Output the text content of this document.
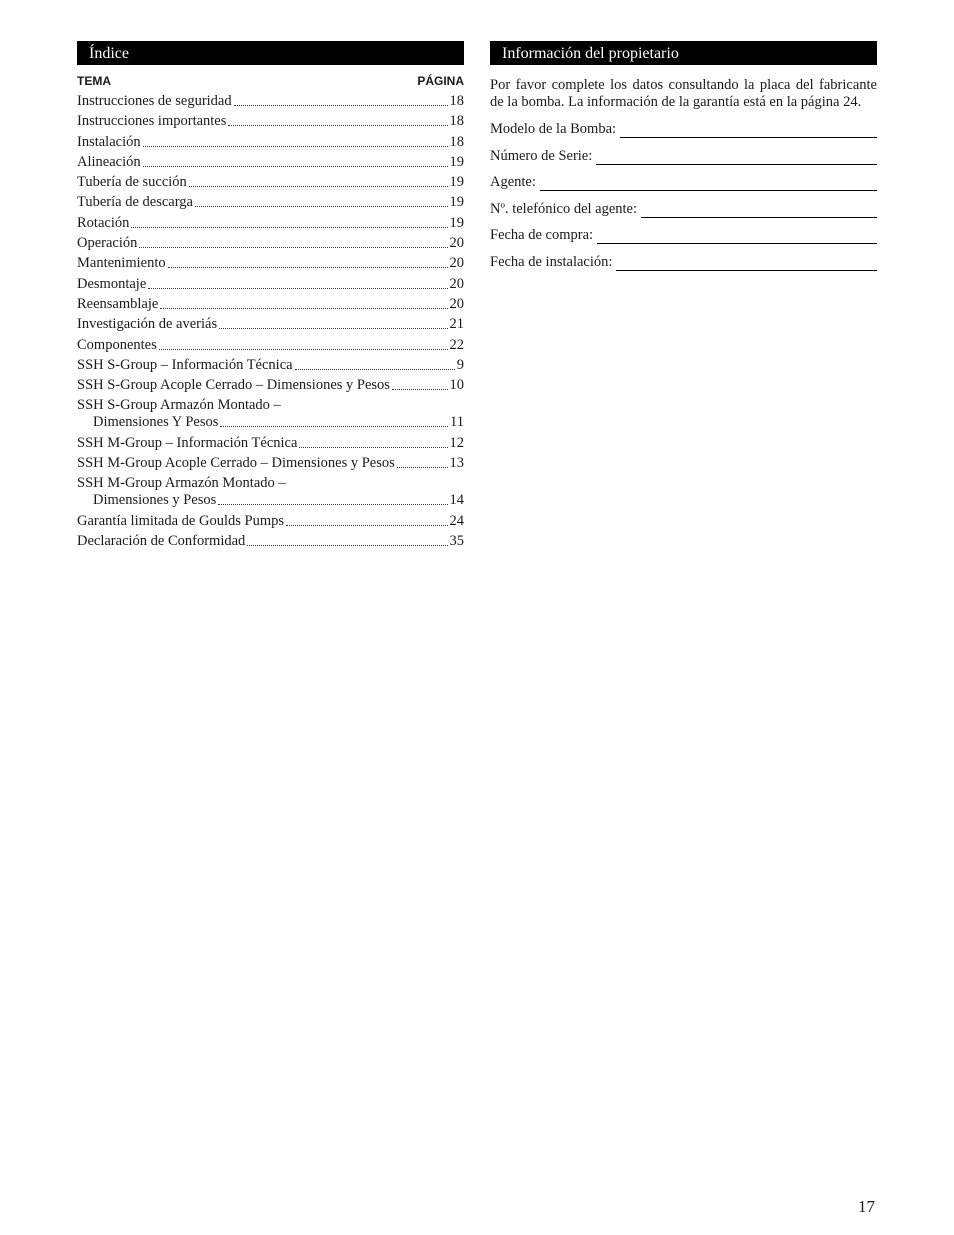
Índice
TEMA	PÁGINA
Instrucciones de seguridad	18
Instrucciones importantes	18
Instalación	18
Alineación	19
Tubería de succión	19
Tubería de descarga	19
Rotación	19
Operación	20
Mantenimiento	20
Desmontaje	20
Reensamblaje	20
Investigación de averiás	21
Componentes	22
SSH S-Group – Información Técnica	9
SSH S-Group Acople Cerrado – Dimensiones y Pesos	10
SSH S-Group Armazón Montado –
Dimensiones Y Pesos	11
SSH M-Group – Información Técnica	12
SSH M-Group Acople Cerrado – Dimensiones y Pesos	13
SSH M-Group Armazón Montado –
Dimensiones y Pesos	14
Garantía limitada de Goulds Pumps	24
Declaración de Conformidad	35
Información del propietario
Por favor complete los datos consultando la placa del fabricante de la bomba. La información de la garantía está en la página 24.
Modelo de la Bomba:
Número de Serie:
Agente:
Nº. telefónico del agente:
Fecha de compra:
Fecha de instalación:
17
